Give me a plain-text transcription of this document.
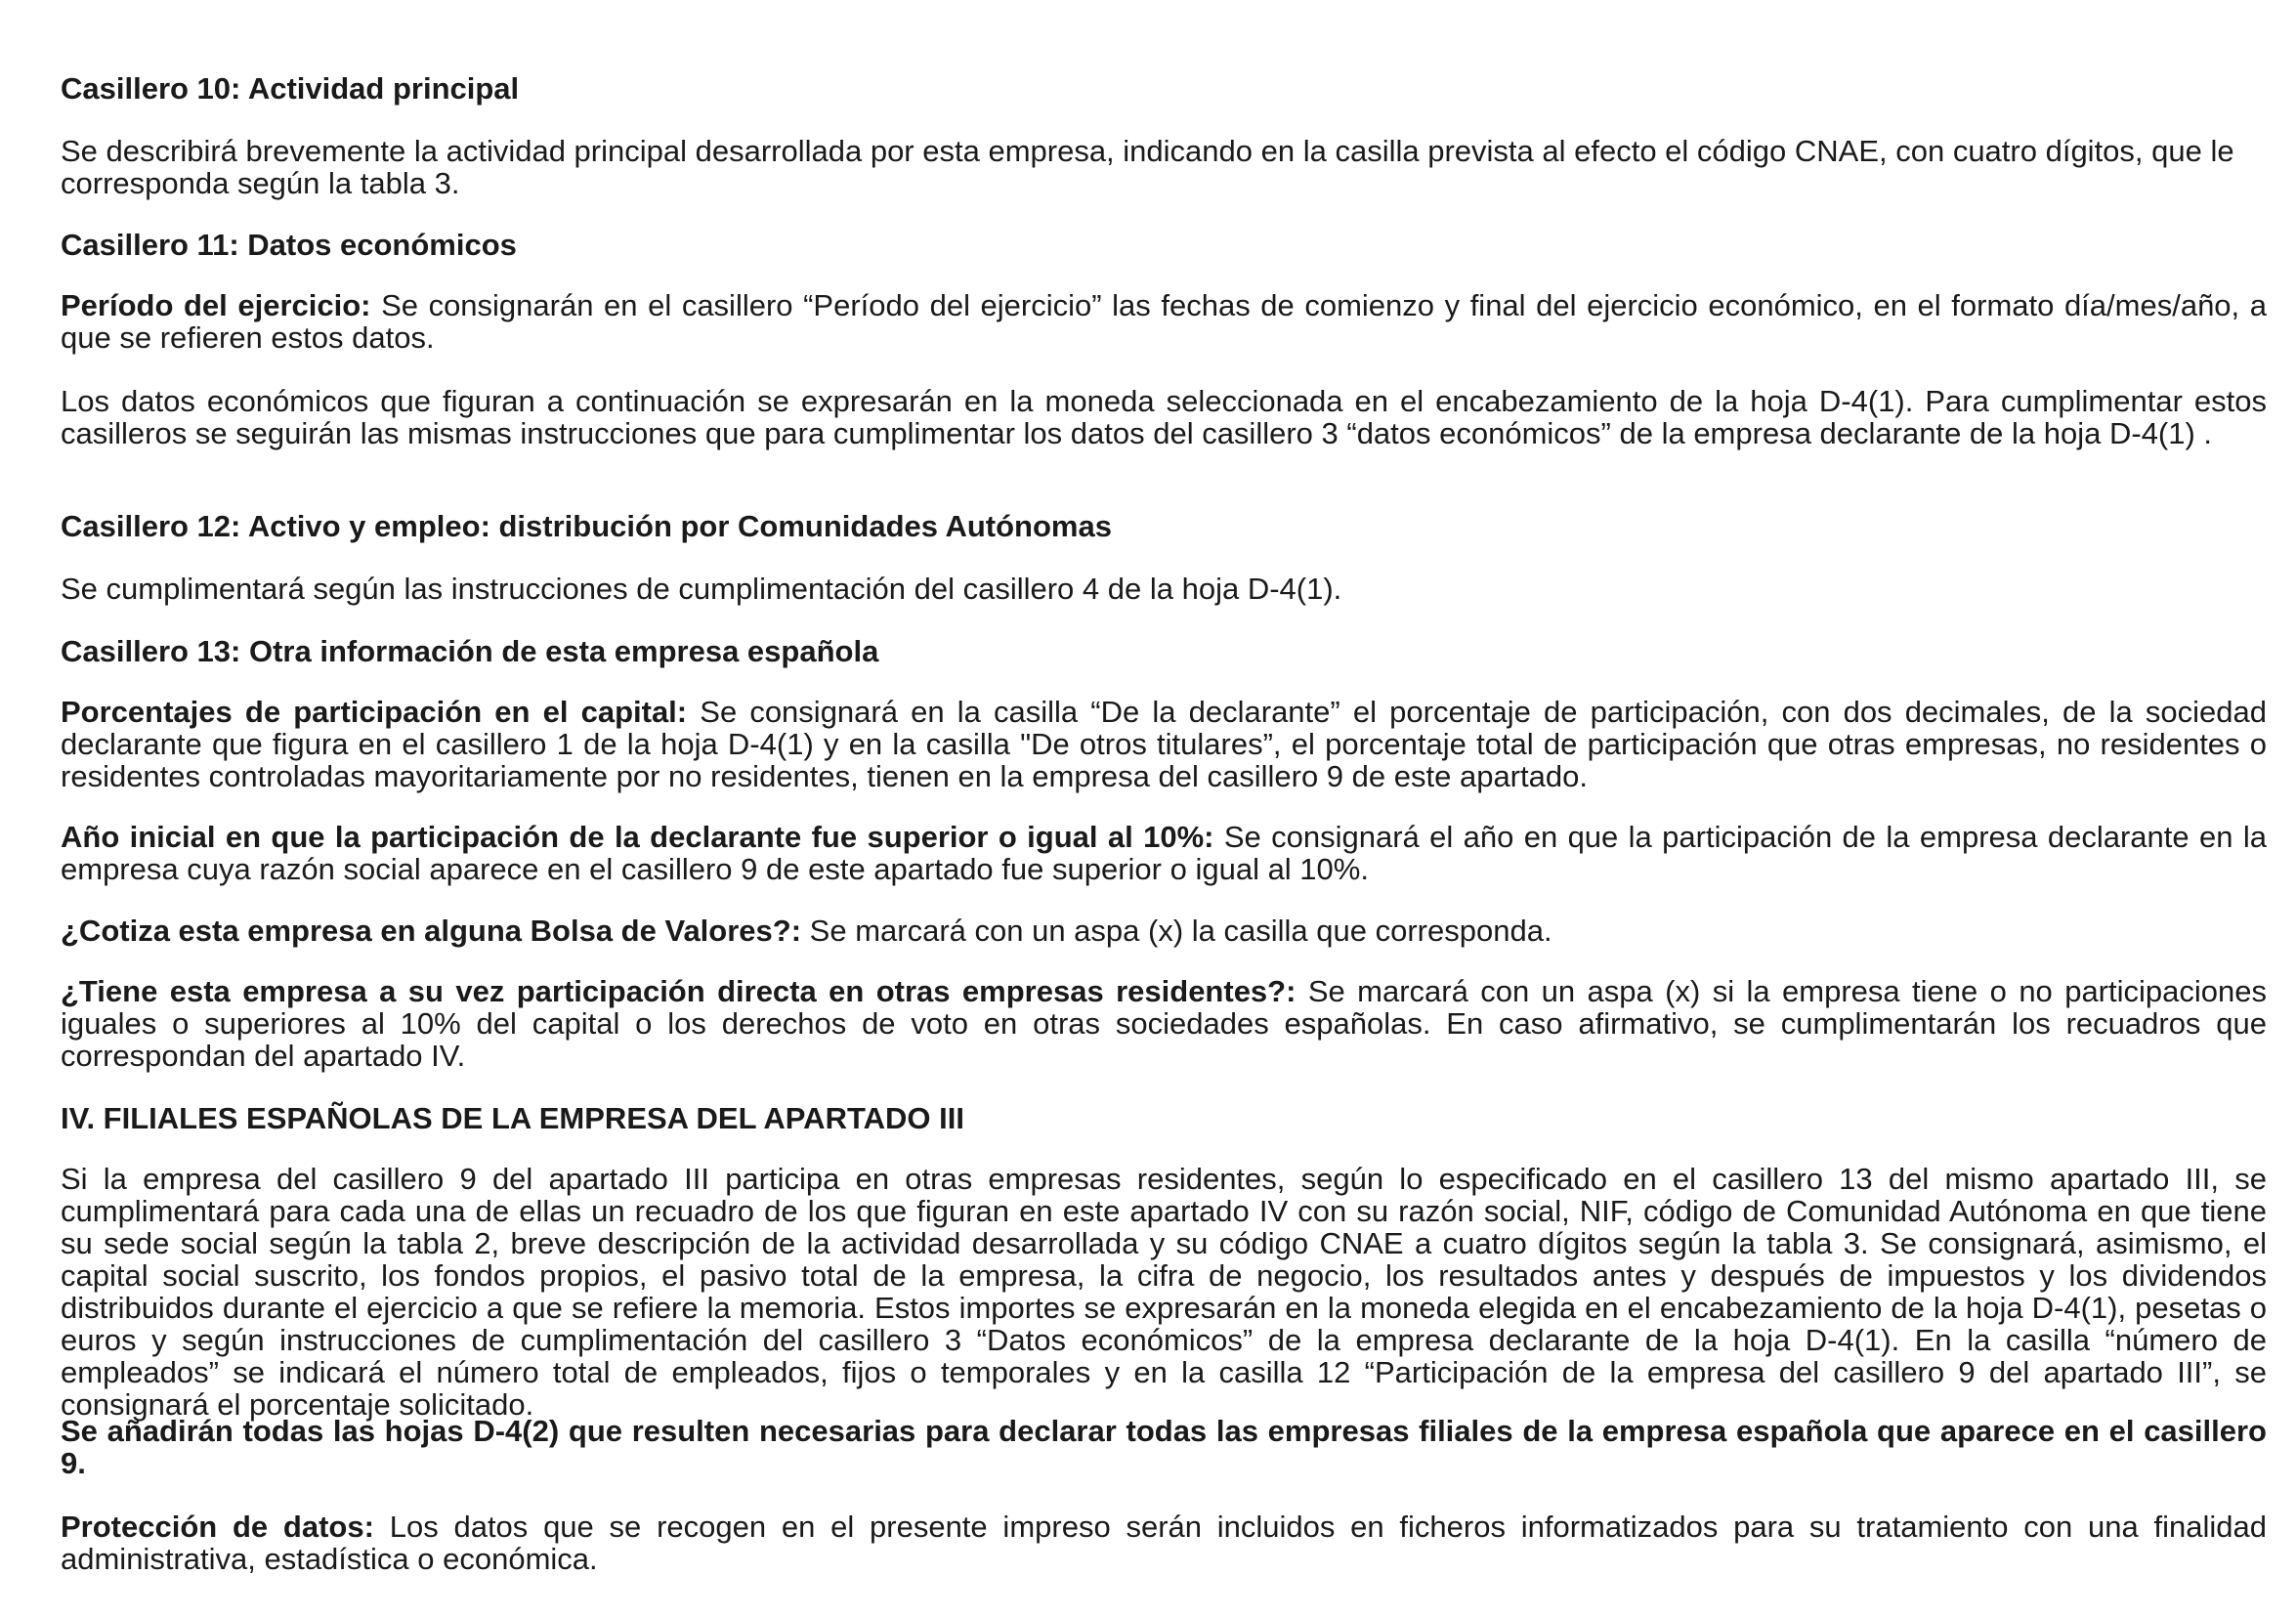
Casillero 10: Actividad principal

Se describirá brevemente la actividad principal desarrollada por esta empresa, indicando en la casilla prevista al efecto el código CNAE, con cuatro dígitos, que le corresponda según la tabla 3.

Casillero 11: Datos económicos

Período del ejercicio: Se consignarán en el casillero “Período del ejercicio” las fechas de comienzo y final del ejercicio económico, en el formato día/mes/año, a que se refieren estos datos.

Los datos económicos que figuran a continuación se expresarán en la moneda seleccionada en el encabezamiento de la hoja D-4(1). Para cumplimentar estos casilleros se seguirán las mismas instrucciones que para cumplimentar los datos del casillero 3 “datos económicos” de la empresa declarante de la hoja D-4(1) .

Casillero 12: Activo y empleo: distribución por Comunidades Autónomas

Se cumplimentará según las instrucciones de cumplimentación del casillero 4 de la hoja D-4(1).

Casillero 13: Otra información de esta empresa española

Porcentajes de participación en el capital: Se consignará en la casilla “De la declarante” el porcentaje de participación, con dos decimales, de la sociedad declarante que figura en el casillero 1 de la hoja D-4(1) y en la casilla "De otros titulares”, el porcentaje total de participación que otras empresas, no residentes o residentes controladas mayoritariamente por no residentes, tienen en la empresa del casillero 9 de este apartado.

Año inicial en que la participación de la declarante fue superior o igual al 10%: Se consignará el año en que la participación de la empresa declarante en la empresa cuya razón social aparece en el casillero 9 de este apartado fue superior o igual al 10%.

¿Cotiza esta empresa en alguna Bolsa de Valores?: Se marcará con un aspa (x) la casilla que corresponda.

¿Tiene esta empresa a su vez participación directa en otras empresas residentes?: Se marcará con un aspa (x) si la empresa tiene o no participaciones iguales o superiores al 10% del capital o los derechos de voto en otras sociedades españolas. En caso afirmativo, se cumplimentarán los recuadros que correspondan del apartado IV.

IV. FILIALES ESPAÑOLAS DE LA EMPRESA DEL APARTADO III

Si la empresa del casillero 9 del apartado III participa en otras empresas residentes, según lo especificado en el casillero 13 del mismo apartado III, se cumplimentará para cada una de ellas un recuadro de los que figuran en este apartado IV con su razón social, NIF, código de Comunidad Autónoma en que tiene su sede social según la tabla 2, breve descripción de la actividad desarrollada y su código CNAE a cuatro dígitos según la tabla 3. Se consignará, asimismo, el capital social suscrito, los fondos propios, el pasivo total de la empresa, la cifra de negocio, los resultados antes y después de impuestos y los dividendos distribuidos durante el ejercicio a que se refiere la memoria. Estos importes se expresarán en la moneda elegida en el encabezamiento de la hoja D-4(1), pesetas o euros y según instrucciones de cumplimentación del casillero 3 “Datos económicos” de la empresa declarante de la hoja D-4(1). En la casilla “número de empleados” se indicará el número total de empleados, fijos o temporales y en la casilla 12 “Participación de la empresa del casillero 9 del apartado III”, se consignará el porcentaje solicitado.

Se añadirán todas las hojas D-4(2) que resulten necesarias para declarar todas las empresas filiales de la empresa española que aparece en el casillero 9.

Protección de datos: Los datos que se recogen en el presente impreso serán incluidos en ficheros informatizados para su tratamiento con una finalidad administrativa, estadística o económica.
